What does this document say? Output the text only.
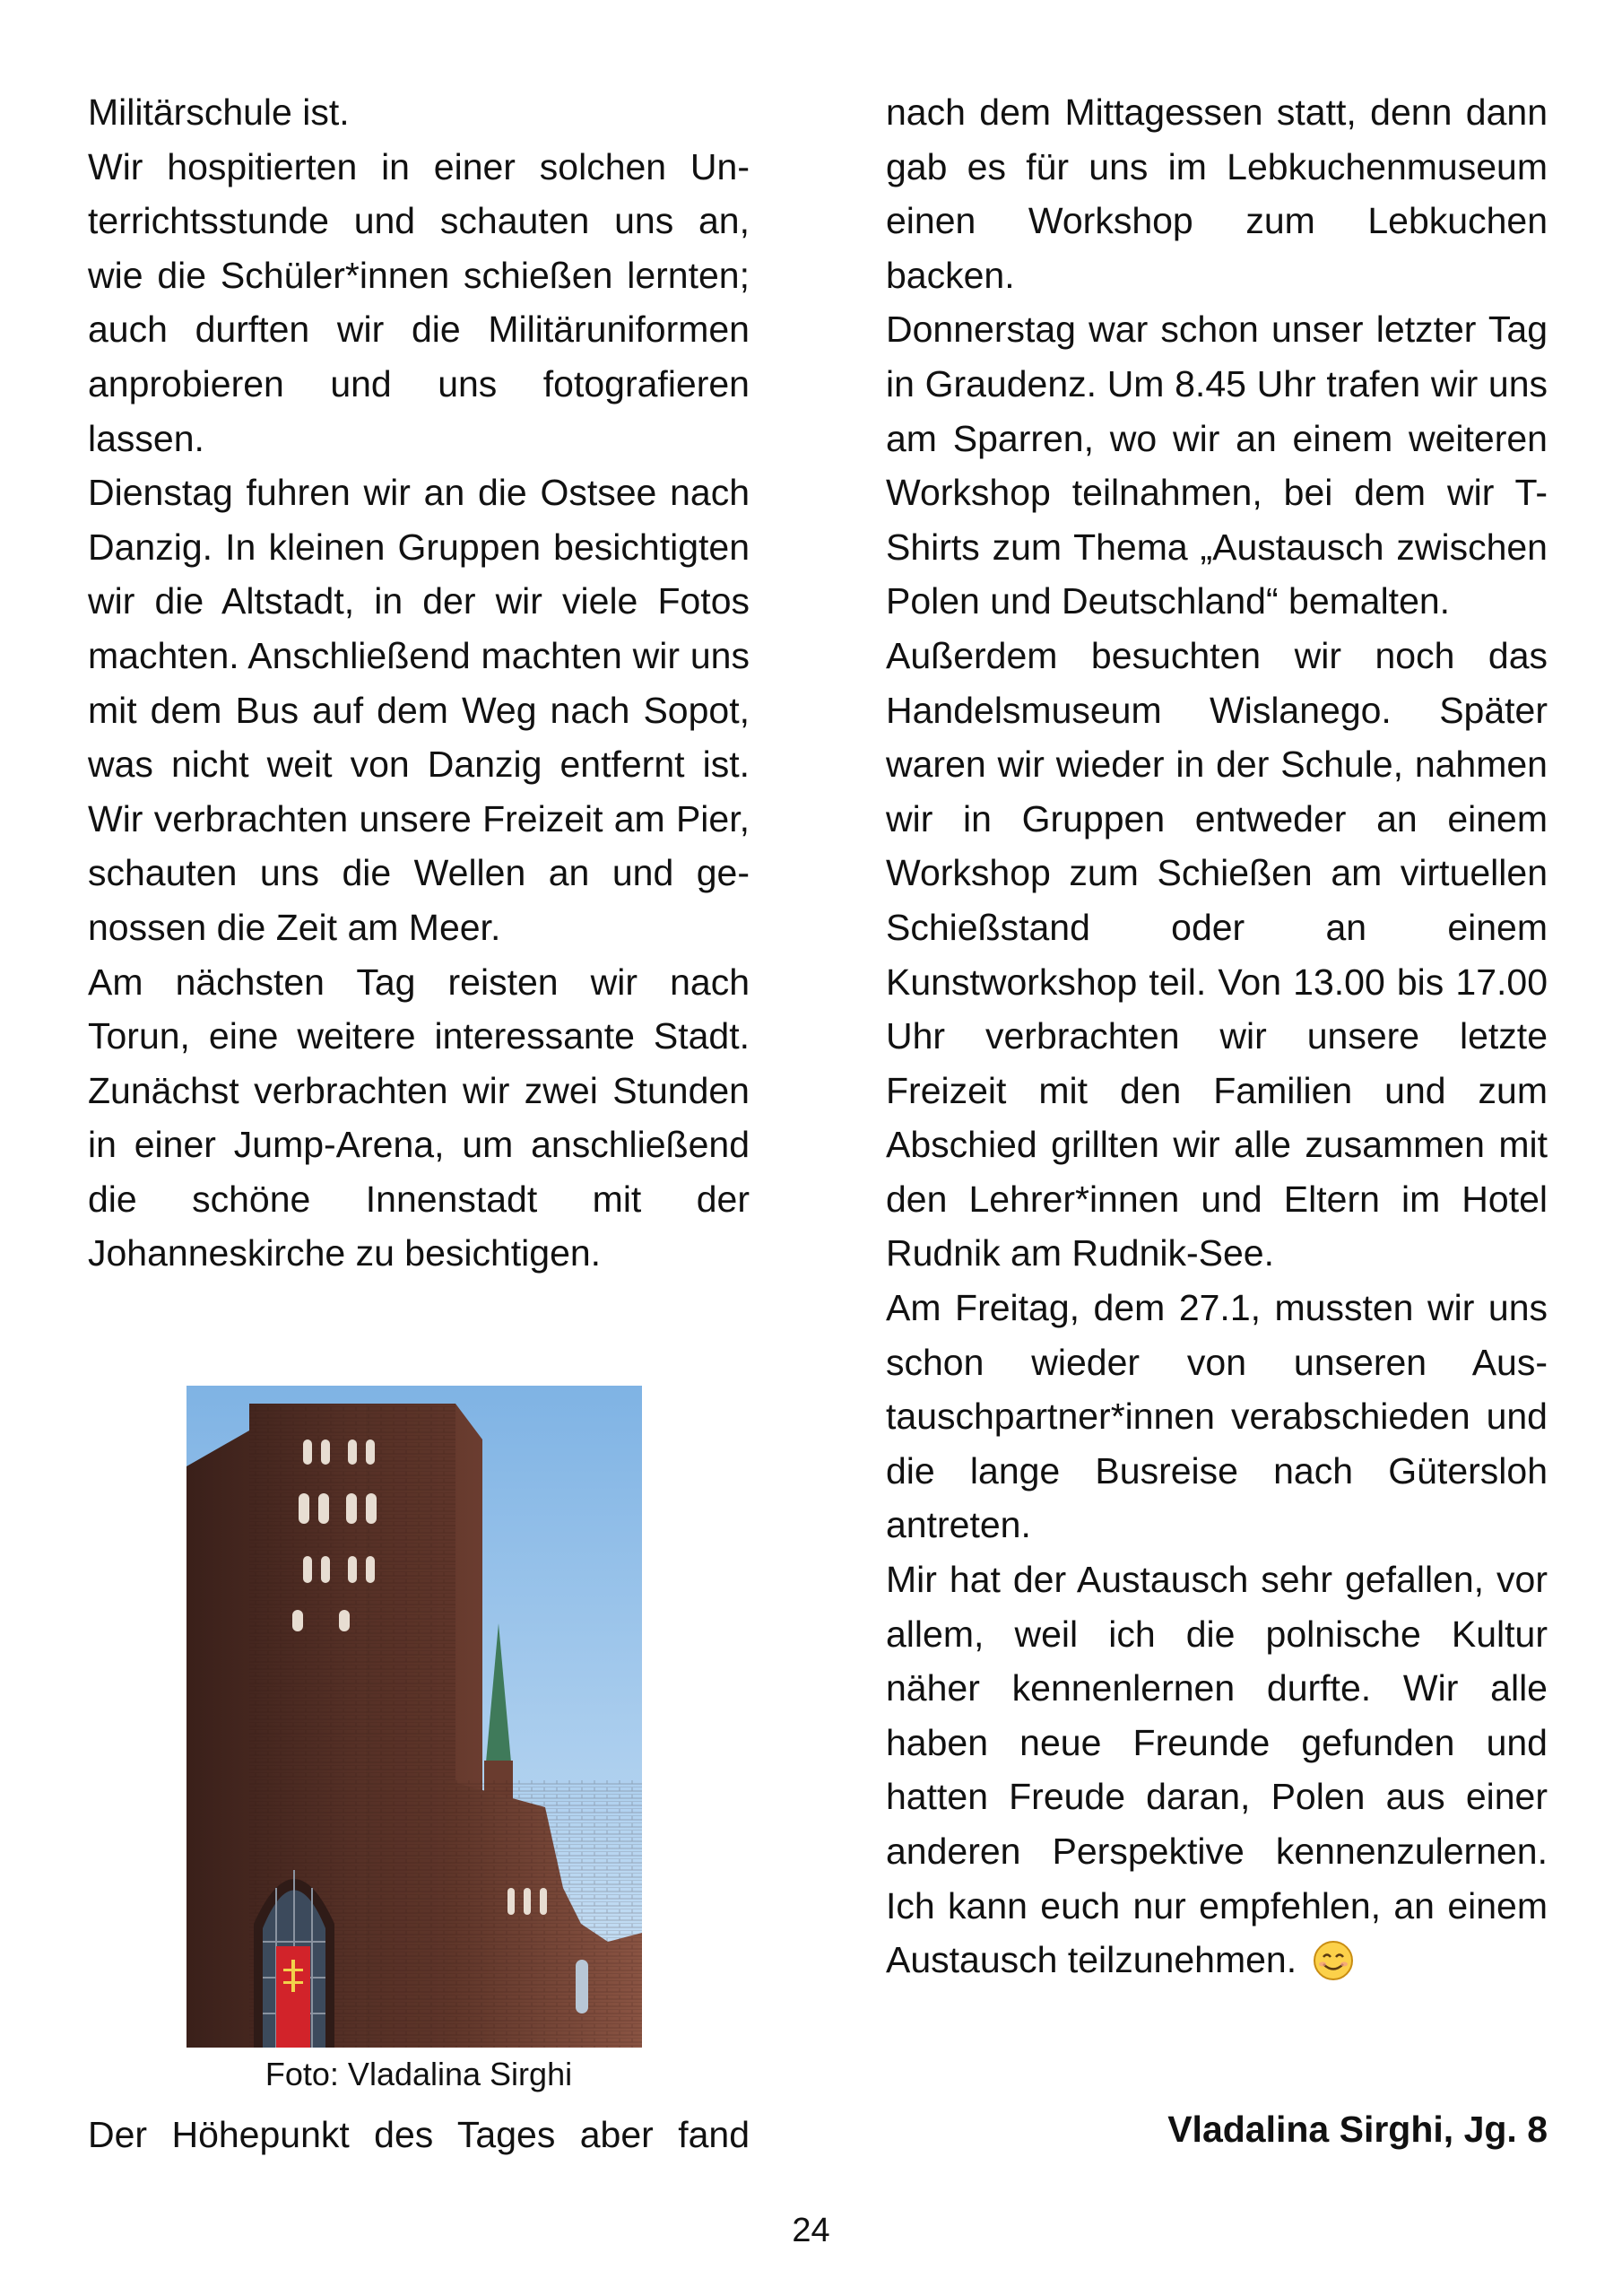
Militärschule ist.

Wir hospitierten in einer solchen Unterrichtsstunde und schauten uns an, wie die Schüler*innen schießen lernten; auch durften wir die Militäruniformen anprobieren und uns fotografieren lassen.

Dienstag fuhren wir an die Ostsee nach Danzig. In kleinen Gruppen besichtigten wir die Altstadt, in der wir viele Fotos machten. Anschließend machten wir uns mit dem Bus auf dem Weg nach Sopot, was nicht weit von Danzig entfernt ist. Wir verbrachten unsere Freizeit am Pier, schauten uns die Wellen an und genossen die Zeit am Meer.

Am nächsten Tag reisten wir nach Torun, eine weitere interessante Stadt. Zunächst verbrachten wir zwei Stunden in einer Jump-Arena, um anschließend die schöne Innenstadt mit der Johanneskirche zu besichtigen.

Foto: Vladalina Sirghi
Der Höhepunkt des Tages aber fand

nach dem Mittagessen statt, denn dann gab es für uns im Lebkuchenmuseum einen Workshop zum Lebkuchen backen.

Donnerstag war schon unser letzter Tag in Graudenz. Um 8.45 Uhr trafen wir uns am Sparren, wo wir an einem weiteren Workshop teilnahmen, bei dem wir T-Shirts zum Thema „Austausch zwischen Polen und Deutschland“ bemalten.

Außerdem besuchten wir noch das Handelsmuseum Wislanego. Später waren wir wieder in der Schule, nahmen wir in Gruppen entweder an einem Workshop zum Schießen am virtuellen Schießstand oder an einem Kunstworkshop teil. Von 13.00 bis 17.00 Uhr verbrachten wir unsere letzte Freizeit mit den Familien und zum Abschied grillten wir alle zusammen mit den Lehrer*innen und Eltern im Hotel Rudnik am Rudnik-See.

Am Freitag, dem 27.1, mussten wir uns schon wieder von unseren Austauschpartner*innen verabschieden und die lange Busreise nach Gütersloh antreten.

Mir hat der Austausch sehr gefallen, vor allem, weil ich die polnische Kultur näher kennenlernen durfte. Wir alle haben neue Freunde gefunden und hatten Freude daran, Polen aus einer anderen Perspektive kennenzulernen. Ich kann euch nur empfehlen, an einem Austausch teilzunehmen.

Vladalina Sirghi, Jg. 8
24
